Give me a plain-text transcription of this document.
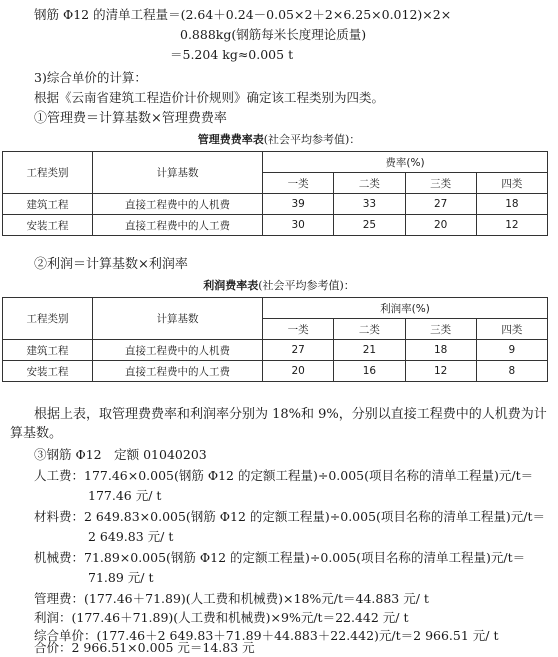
钢筋 Φ12 的清单工程量＝(2.64＋0.24－0.05×2＋2×6.25×0.012)×2×
0.888kg(钢筋每米长度理论质量)
＝5.204 kg≈0.005 t
3)综合单价的计算：
根据《云南省建筑工程造价计价规则》确定该工程类别为四类。
①管理费＝计算基数×管理费费率
管理费费率表(社会平均参考值)：
工程类别	计算基数	费率(%)			
		一类	二类	三类	四类
建筑工程	直接工程费中的人机费	39	33	27	18
安装工程	直接工程费中的人工费	30	25	20	12
②利润＝计算基数×利润率
利润费率表(社会平均参考值)：
工程类别	计算基数	利润率(%)			
		一类	二类	三类	四类
建筑工程	直接工程费中的人机费	27	21	18	9
安装工程	直接工程费中的人工费	20	16	12	8
根据上表，取管理费费率和利润率分别为 18%和 9%，分别以直接工程费中的人机费为计算基数。
③钢筋 Φ12　定额 01040203
人工费：177.46×0.005(钢筋 Φ12 的定额工程量)÷0.005(项目名称的清单工程量)元/t＝
177.46 元/ t
材料费：2 649.83×0.005(钢筋 Φ12 的定额工程量)÷0.005(项目名称的清单工程量)元/t＝
2 649.83 元/ t
机械费：71.89×0.005(钢筋 Φ12 的定额工程量)÷0.005(项目名称的清单工程量)元/t＝
71.89 元/ t
管理费：(177.46＋71.89)(人工费和机械费)×18%元/t＝44.883 元/ t
利润：(177.46＋71.89)(人工费和机械费)×9%元/t＝22.442 元/ t
综合单价：(177.46＋2 649.83＋71.89＋44.883＋22.442)元/t＝2 966.51 元/ t
合价：2 966.51×0.005 元＝14.83 元
